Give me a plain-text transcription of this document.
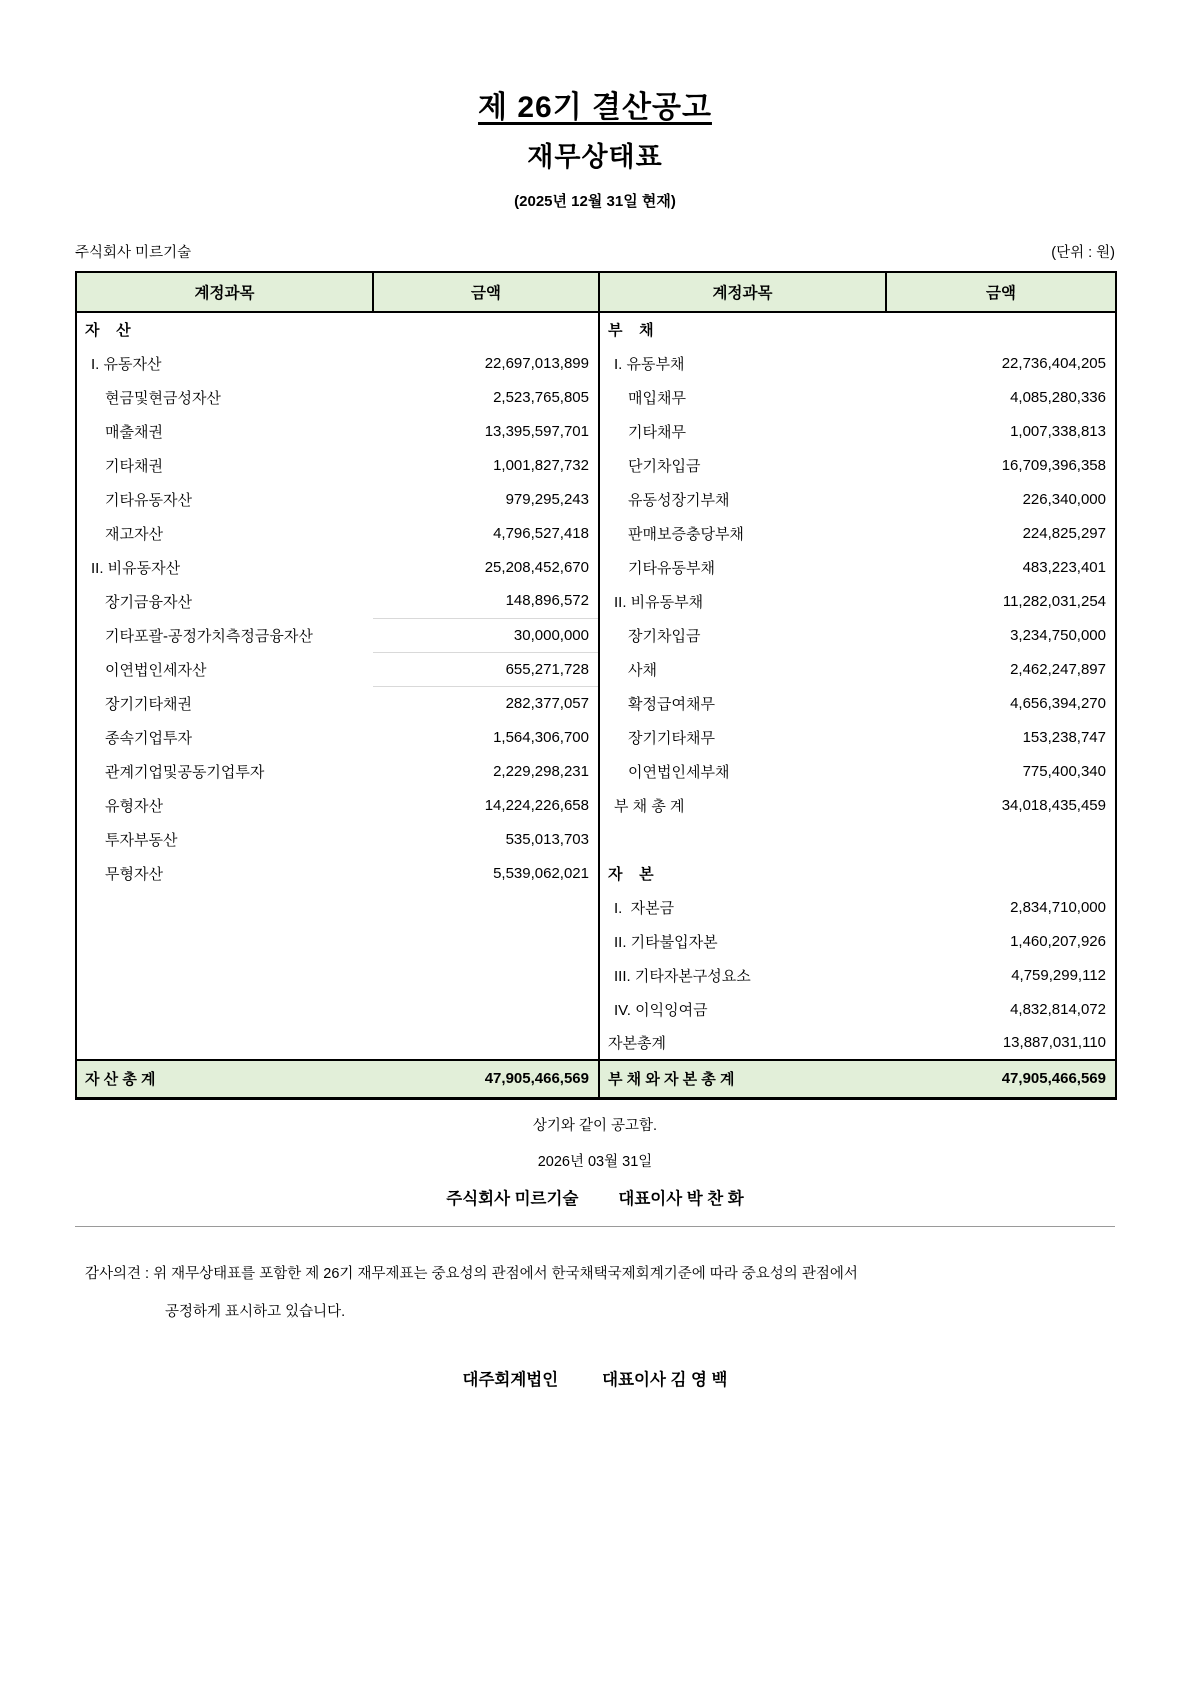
제 26기 결산공고
재무상태표
(2025년 12월 31일 현재)
주식회사 미르기술	(단위 : 원)
계정과목	금액	계정과목	금액
자    산		부    채	
I. 유동자산	22,697,013,899	I. 유동부채	22,736,404,205
현금및현금성자산	2,523,765,805	매입채무	4,085,280,336
매출채권	13,395,597,701	기타채무	1,007,338,813
기타채권	1,001,827,732	단기차입금	16,709,396,358
기타유동자산	979,295,243	유동성장기부채	226,340,000
재고자산	4,796,527,418	판매보증충당부채	224,825,297
II. 비유동자산	25,208,452,670	기타유동부채	483,223,401
장기금융자산	148,896,572	II. 비유동부채	11,282,031,254
기타포괄-공정가치측정금융자산	30,000,000	장기차입금	3,234,750,000
이연법인세자산	655,271,728	사채	2,462,247,897
장기기타채권	282,377,057	확정급여채무	4,656,394,270
종속기업투자	1,564,306,700	장기기타채무	153,238,747
관계기업및공동기업투자	2,229,298,231	이연법인세부채	775,400,340
유형자산	14,224,226,658	부 채 총 계	34,018,435,459
투자부동산	535,013,703		
무형자산	5,539,062,021	자    본	
		I.  자본금	2,834,710,000
		II. 기타불입자본	1,460,207,926
		III. 기타자본구성요소	4,759,299,112
		IV. 이익잉여금	4,832,814,072
		자본총계	13,887,031,110
자 산 총 계	47,905,466,569	부 채 와 자 본 총 계	47,905,466,569
상기와 같이 공고함.
2026년 03월 31일
주식회사 미르기술 대표이사 박 찬 화
감사의견 : 위 재무상태표를 포함한 제 26기 재무제표는 중요성의 관점에서 한국채택국제회계기준에 따라 중요성의 관점에서
공정하게 표시하고 있습니다.
대주회계법인	대표이사 김 영 백
